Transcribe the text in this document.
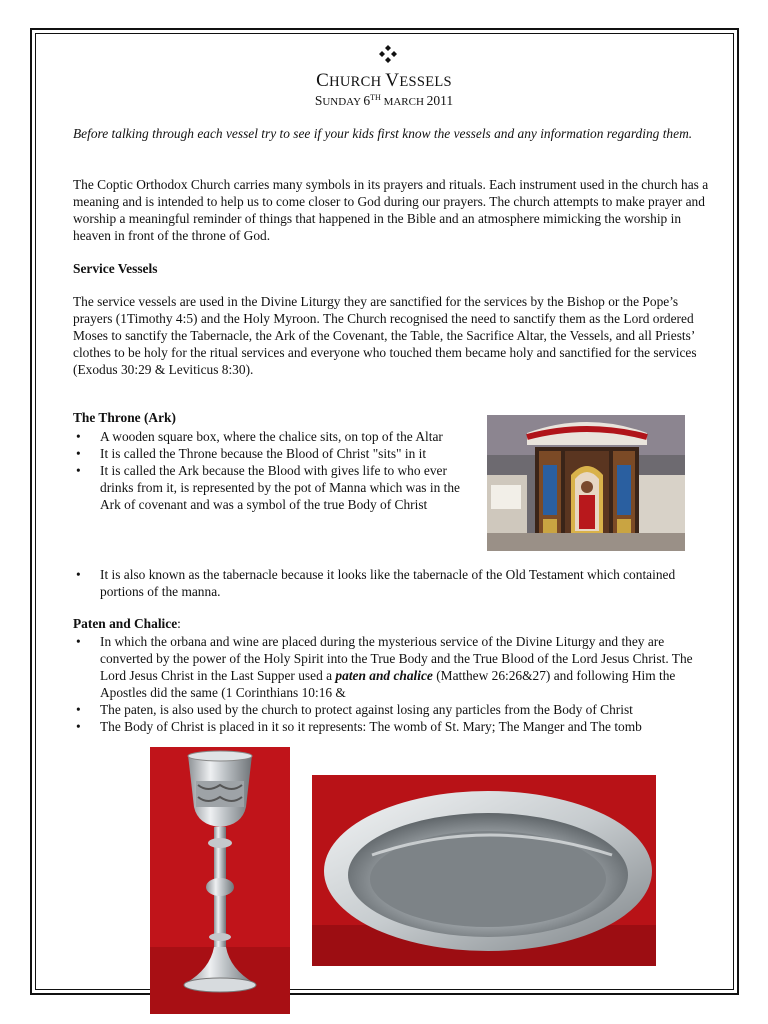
CHURCH VESSELS
SUNDAY 6TH MARCH 2011

Before talking through each vessel try to see if your kids first know the vessels and any information regarding them.

The Coptic Orthodox Church carries many symbols in its prayers and rituals. Each instrument used in the church has a meaning and is intended to help us to come closer to God during our prayers. The church attempts to make prayer and worship a meaningful reminder of things that happened in the Bible and an atmosphere mimicking the worship in heaven in front of the throne of God.

Service Vessels

The service vessels are used in the Divine Liturgy they are sanctified for the services by the Bishop or the Pope’s prayers (1Timothy 4:5) and the Holy Myroon. The Church recognised the need to sanctify them as the Lord ordered Moses to sanctify the Tabernacle, the Ark of the Covenant, the Table, the Sacrifice Altar, the Vessels, and all Priests’ clothes to be holy for the ritual services and everyone who touched them became holy and sanctified for the services (Exodus 30:29 & Leviticus 8:30).

The Throne (Ark)

• A wooden square box, where the chalice sits, on top of the Altar
• It is called the Throne because the Blood of Christ "sits" in it
• It is called the Ark because the Blood with gives life to who ever drinks from it, is represented by the pot of Manna which was in the Ark of covenant and was a symbol of the true Body of Christ
• It is also known as the tabernacle because it looks like the tabernacle of the Old Testament which contained portions of the manna.

Paten and Chalice:

• In which the orbana and wine are placed during the mysterious service of the Divine Liturgy and they are converted by the power of the Holy Spirit into the True Body and the True Blood of the Lord Jesus Christ. The Lord Jesus Christ in the Last Supper used a paten and chalice (Matthew 26:26&27) and following Him the Apostles did the same (1 Corinthians 10:16 &
• The paten, is also used by the church to protect against losing any particles from the Body of Christ
• The Body of Christ is placed in it so it represents: The womb of St. Mary; The Manger and The tomb
